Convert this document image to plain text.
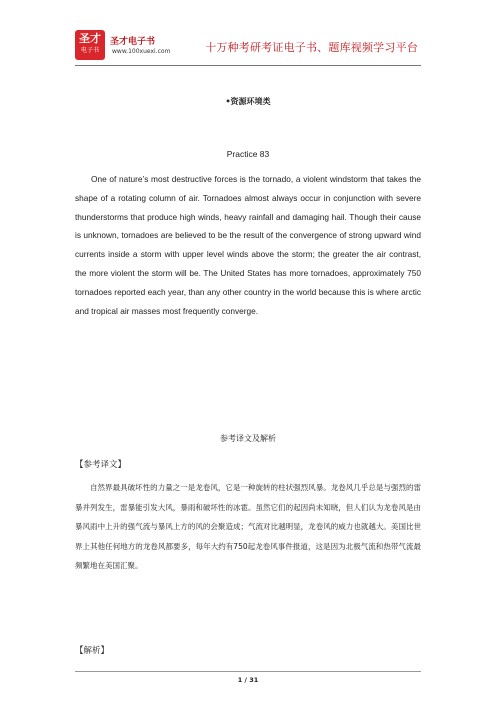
圣才
电子书
圣才电子书
www.100xuexi.com	十万种考研考证电子书、题库视频学习平台
•资源环境类
Practice 83

One of nature’s most destructive forces is the tornado, a violent windstorm that takes the shape of a rotating column of air. Tornadoes almost always occur in conjunction with severe thunderstorms that produce high winds, heavy rainfall and damaging hail. Though their cause is unknown, tornadoes are believed to be the result of the convergence of strong upward wind currents inside a storm with upper level winds above the storm; the greater the air contrast, the more violent the storm will be. The United States has more tornadoes, approximately 750 tornadoes reported each year, than any other country in the world because this is where arctic and tropical air masses most frequently converge.

参考译文及解析
【参考译文】

自然界最具破坏性的力量之一是龙卷风，它是一种旋转的柱状强烈风暴。龙卷风几乎总是与强烈的雷暴并列发生，雷暴能引发大风，暴雨和破坏性的冰雹。虽然它们的起因尚未知晓，但人们认为龙卷风是由暴风雨中上升的强气流与暴风上方的风的会聚造成；气流对比越明显，龙卷风的威力也就越大。美国比世界上其他任何地方的龙卷风都要多，每年大约有750起龙卷风事件报道，这是因为北极气流和热带气流最频繁地在美国汇聚。

【解析】
1 / 31
